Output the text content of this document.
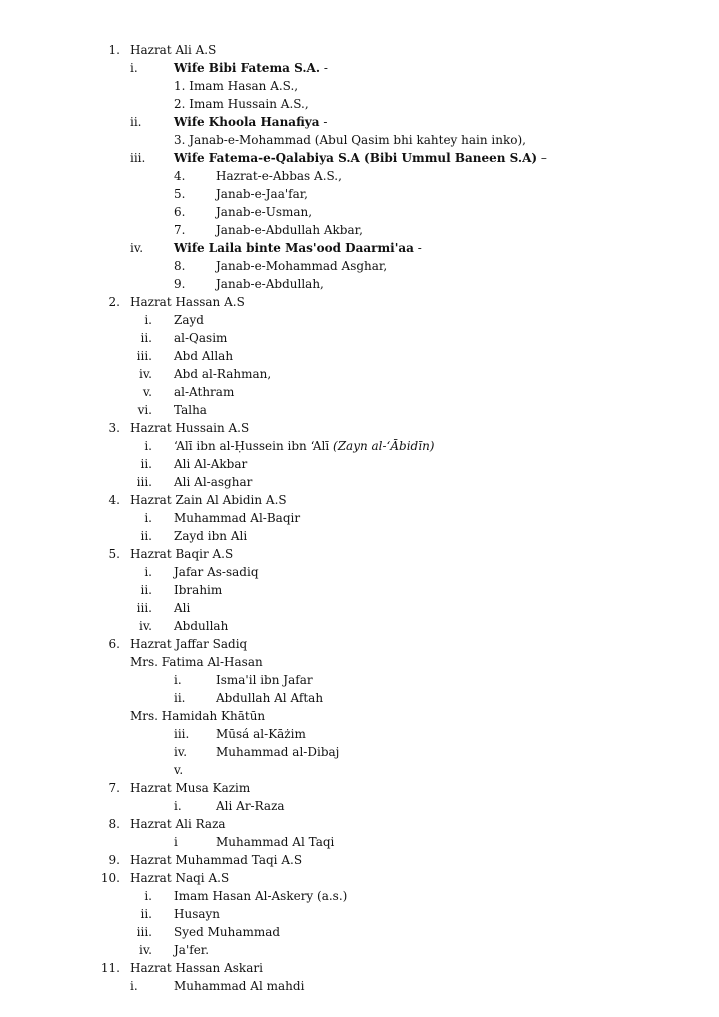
1. Hazrat Ali A.S
i.	Wife Bibi Fatema S.A. -
1. Imam Hasan A.S.,
2. Imam Hussain A.S.,
ii.	Wife Khoola Hanafiya -
3. Janab-e-Mohammad (Abul Qasim bhi kahtey hain inko),
iii. Wife Fatema-e-Qalabiya S.A (Bibi Ummul Baneen S.A) –
4.	Hazrat-e-Abbas A.S.,
5.	Janab-e-Jaa'far,
6.	Janab-e-Usman,
7.	Janab-e-Abdullah Akbar,
iv.	Wife Laila binte Mas'ood Daarmi'aa -
8.	Janab-e-Mohammad Asghar,
9.	Janab-e-Abdullah,
2. Hazrat Hassan A.S
i. Zayd
ii. al-Qasim
iii. Abd Allah
iv. Abd al-Rahman,
v. al-Athram
vi. Talha
3. Hazrat Hussain A.S
i. ‘Alī ibn al-Ḥussein ibn ‘Alī (Zayn al-‘Ābidīn)
ii. Ali Al-Akbar
iii. Ali Al-asghar
4. Hazrat Zain Al Abidin A.S
i. Muhammad Al-Baqir
ii. Zayd ibn Ali
5. Hazrat Baqir A.S
i. Jafar As-sadiq
ii. Ibrahim
iii. Ali
iv. Abdullah
6. Hazrat Jaffar Sadiq
Mrs. Fatima Al-Hasan
i.	Isma'il ibn Jafar
ii.	Abdullah Al Aftah
Mrs. Hamidah Khātūn
iii. Mūsá al-Kāżim
iv. Muhammad al-Dibaj
v.
7. Hazrat Musa Kazim
i.	Ali Ar-Raza
8. Hazrat Ali Raza
i	Muhammad Al Taqi
9. Hazrat Muhammad Taqi A.S
10. Hazrat Naqi A.S
i. Imam Hasan Al-Askery (a.s.)
ii. Husayn
iii. Syed Muhammad
iv. Ja'fer.
11. Hazrat Hassan Askari
i.	Muhammad Al mahdi
